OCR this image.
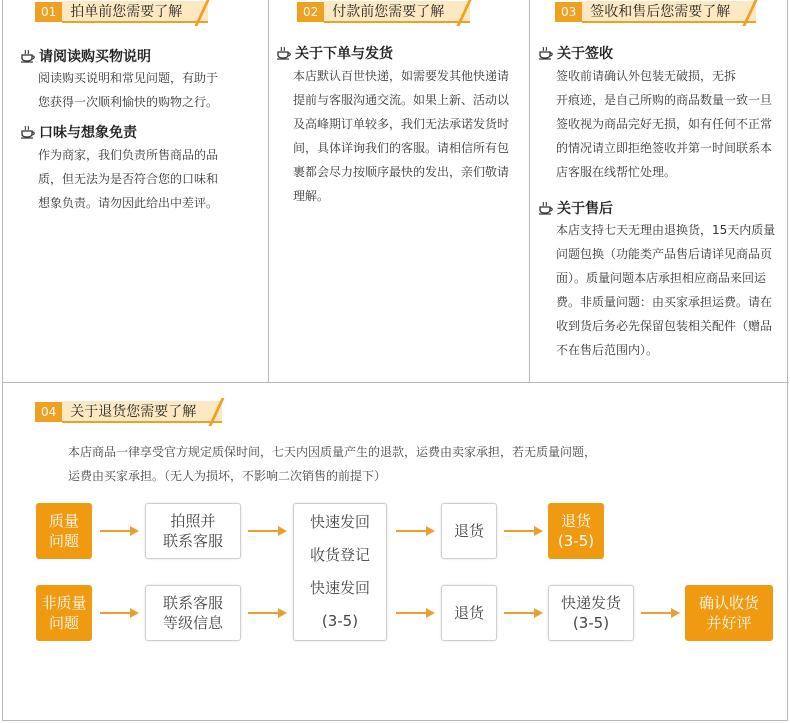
01	拍单前您需要了解
请阅读购买物说明
阅读购买说明和常见问题，有助于
您获得一次顺利愉快的购物之行。
口味与想象免责
作为商家，我们负责所售商品的品
质，但无法为是否符合您的口味和
想象负责。请勿因此给出中差评。
02	付款前您需要了解
关于下单与发货
本店默认百世快递，如需要发其他快递请
提前与客服沟通交流。如果上新、活动以
及高峰期订单较多，我们无法承诺发货时
间，具体详询我们的客服。请相信所有包
裹都会尽力按顺序最快的发出，亲们敬请
理解。
03	签收和售后您需要了解
关于签收
签收前请确认外包装无破损，无拆
开痕迹，是自己所购的商品数量一致一旦
签收视为商品完好无损，如有任何不正常
的情况请立即拒绝签收并第一时间联系本
店客服在线帮忙处理。
关于售后
本店支持七天无理由退换货，15天内质量
问题包换（功能类产品售后请详见商品页
面）。质量问题本店承担相应商品来回运
费。非质量问题：由买家承担运费。请在
收到货后务必先保留包装相关配件（赠品
不在售后范围内）。
04	关于退货您需要了解
本店商品一律享受官方规定质保时间，七天内因质量产生的退款，运费由卖家承担，若无质量问题，
运费由买家承担。（无人为损坏，不影响二次销售的前提下）
质量
问题
拍照并
联系客服
快速发回
收货登记
快速发回
(3-5)
退货
退货
(3-5)
非质量
问题
联系客服
等级信息
退货
快递发货
(3-5)
确认收货
并好评
